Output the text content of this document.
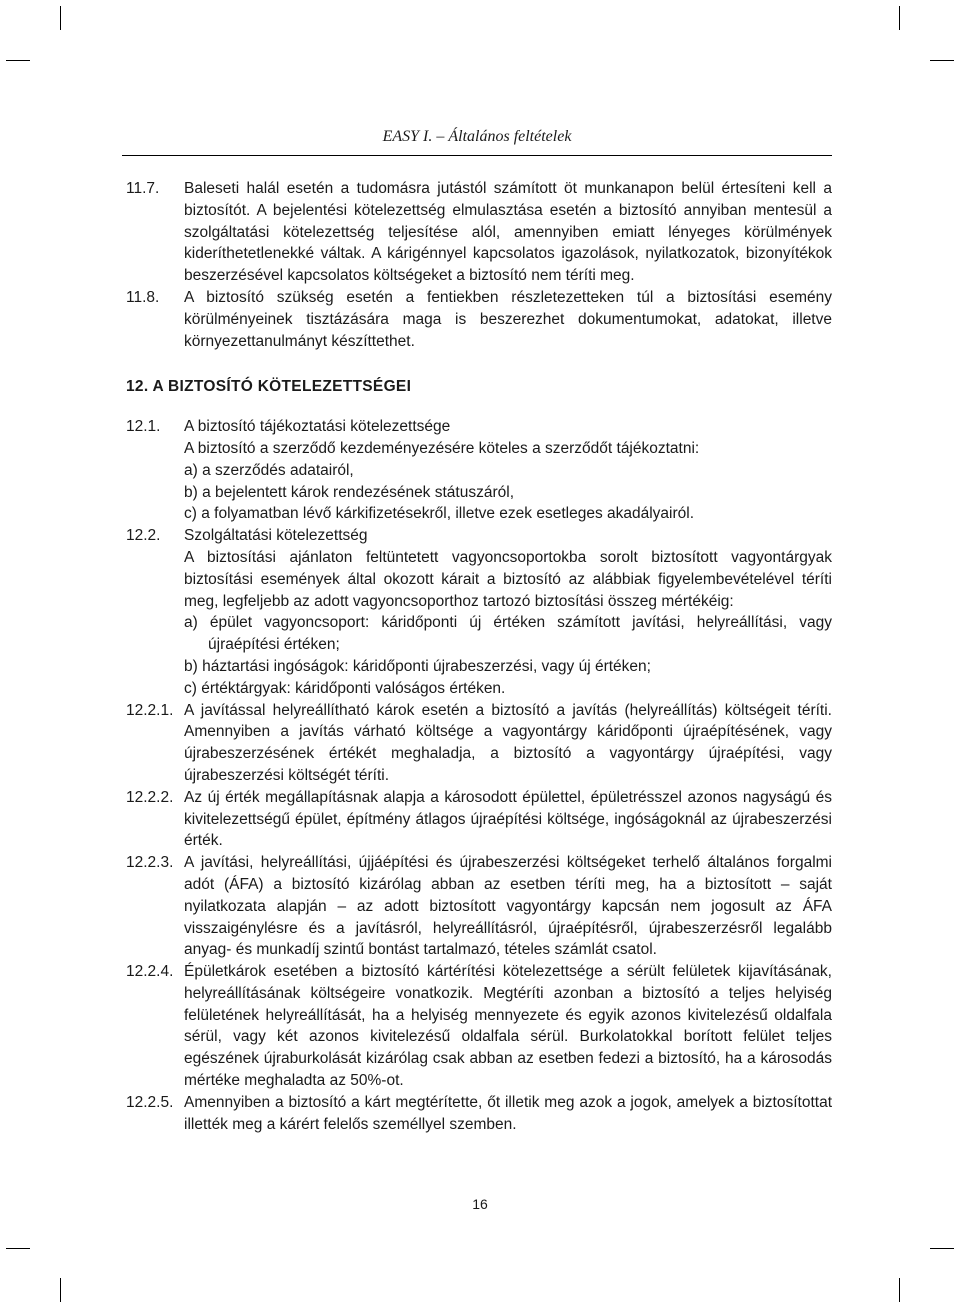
EASY I. – Általános feltételek
11.7.	Baleseti halál esetén a tudomásra jutástól számított öt munkanapon belül értesíteni kell a biztosítót. A bejelentési kötelezettség elmulasztása esetén a biztosító annyiban mentesül a szolgáltatási kötelezettség teljesítése alól, amennyiben emiatt lényeges körülmények kideríthetetlenekké váltak. A kárigénnyel kapcsolatos igazolások, nyilatkozatok, bizonyítékok beszerzésével kapcsolatos költségeket a biztosító nem téríti meg.

11.8.	A biztosító szükség esetén a fentiekben részletezetteken túl a biztosítási esemény körülményeinek tisztázására maga is beszerezhet dokumentumokat, adatokat, illetve környezettanulmányt készíttethet.

12. A BIZTOSÍTÓ KÖTELEZETTSÉGEI
12.1.	A biztosító tájékoztatási kötelezettsége

A biztosító a szerződő kezdeményezésére köteles a szerződőt tájékoztatni:

a) a szerződés adatairól,

b) a bejelentett károk rendezésének státuszáról,

c) a folyamatban lévő kárkifizetésekről, illetve ezek esetleges akadályairól.

12.2.	Szolgáltatási kötelezettség

A biztosítási ajánlaton feltüntetett vagyoncsoportokba sorolt biztosított vagyontárgyak biztosítási események által okozott kárait a biztosító az alábbiak figyelembevételével téríti meg, legfeljebb az adott vagyoncsoporthoz tartozó biztosítási összeg mértékéig:

a) épület vagyoncsoport: káridőponti új értéken számított javítási, helyreállítási, vagy újraépítési értéken;

b) háztartási ingóságok: káridőponti újrabeszerzési, vagy új értéken;

c) értéktárgyak: káridőponti valóságos értéken.

12.2.1. A javítással helyreállítható károk esetén a biztosító a javítás (helyreállítás) költségeit téríti. Amennyiben a javítás várható költsége a vagyontárgy káridőponti újraépítésének, vagy újrabeszerzésének értékét meghaladja, a biztosító a vagyontárgy újraépítési, vagy újrabeszerzési költségét téríti.

12.2.2. Az új érték megállapításnak alapja a károsodott épülettel, épületrésszel azonos nagyságú és kivitelezettségű épület, építmény átlagos újraépítési költsége, ingóságoknál az újrabeszerzési érték.

12.2.3. A javítási, helyreállítási, újjáépítési és újrabeszerzési költségeket terhelő általános forgalmi adót (ÁFA) a biztosító kizárólag abban az esetben téríti meg, ha a biztosított – saját nyilatkozata alapján – az adott biztosított vagyontárgy kapcsán nem jogosult az ÁFA visszaigénylésre és a javításról, helyreállításról, újraépítésről, újrabeszerzésről legalább anyag- és munkadíj szintű bontást tartalmazó, tételes számlát csatol.

12.2.4. Épületkárok esetében a biztosító kártérítési kötelezettsége a sérült felületek kijavításának, helyreállításának költségeire vonatkozik. Megtéríti azonban a biztosító a teljes helyiség felületének helyreállítását, ha a helyiség mennyezete és egyik azonos kivitelezésű oldalfala sérül, vagy két azonos kivitelezésű oldalfala sérül. Burkolatokkal borított felület teljes egészének újraburkolását kizárólag csak abban az esetben fedezi a biztosító, ha a károsodás mértéke meghaladta az 50%-ot.

12.2.5. Amennyiben a biztosító a kárt megtérítette, őt illetik meg azok a jogok, amelyek a biztosítottat illették meg a kárért felelős személlyel szemben.

16
